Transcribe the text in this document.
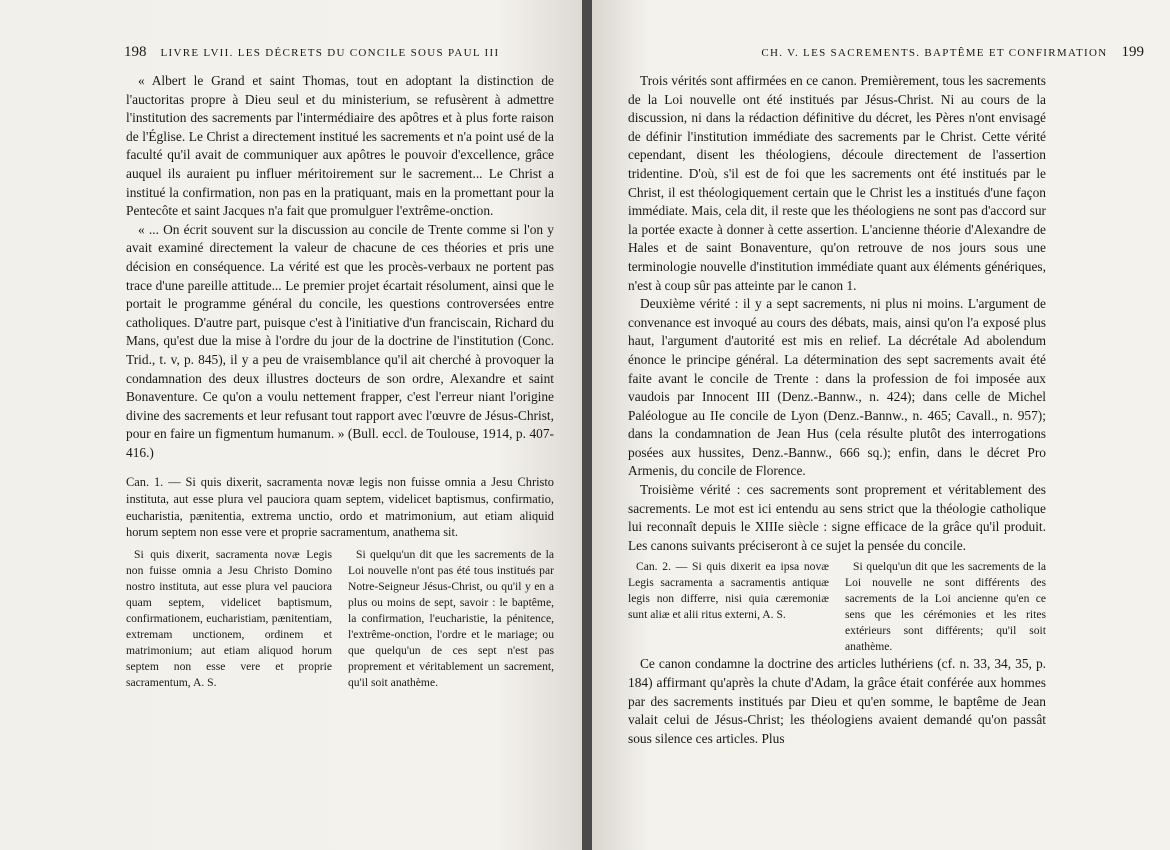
198 LIVRE LVII. LES DÉCRETS DU CONCILE SOUS PAUL III

« Albert le Grand et saint Thomas, tout en adoptant la distinction de l'auctoritas propre à Dieu seul et du ministerium, se refusèrent à admettre l'institution des sacrements par l'intermédiaire des apôtres et à plus forte raison de l'Église. Le Christ a directement institué les sacrements et n'a point usé de la faculté qu'il avait de communiquer aux apôtres le pouvoir d'excellence, grâce auquel ils auraient pu influer méritoirement sur le sacrement... Le Christ a institué la confirmation, non pas en la pratiquant, mais en la promettant pour la Pentecôte et saint Jacques n'a fait que promulguer l'extrême-onction.

« ... On écrit souvent sur la discussion au concile de Trente comme si l'on y avait examiné directement la valeur de chacune de ces théories et pris une décision en conséquence. La vérité est que les procès-verbaux ne portent pas trace d'une pareille attitude... Le premier projet écartait résolument, ainsi que le portait le programme général du concile, les questions controversées entre catholiques. D'autre part, puisque c'est à l'initiative d'un franciscain, Richard du Mans, qu'est due la mise à l'ordre du jour de la doctrine de l'institution (Conc. Trid., t. v, p. 845), il y a peu de vraisemblance qu'il ait cherché à provoquer la condamnation des deux illustres docteurs de son ordre, Alexandre et saint Bonaventure. Ce qu'on a voulu nettement frapper, c'est l'erreur niant l'origine divine des sacrements et leur refusant tout rapport avec l'œuvre de Jésus-Christ, pour en faire un figmentum humanum. » (Bull. eccl. de Toulouse, 1914, p. 407-416.)

Can. 1. — Si quis dixerit, sacramenta novæ legis non fuisse omnia a Jesu Christo instituta, aut esse plura vel pauciora quam septem, videlicet baptismus, confirmatio, eucharistia, pænitentia, extrema unctio, ordo et matrimonium, aut etiam aliquid horum septem non esse vere et proprie sacramentum, anathema sit.

Si quis dixerit, sacramenta novæ Legis non fuisse omnia a Jesu Christo Domino nostro instituta, aut esse plura vel pauciora quam septem, videlicet baptismum, confirmationem, eucharistiam, pænitentiam, extremam unctionem, ordinem et matrimonium; aut etiam aliquod horum septem non esse vere et proprie sacramentum, A. S.

Si quelqu'un dit que les sacrements de la Loi nouvelle n'ont pas été tous institués par Notre-Seigneur Jésus-Christ, ou qu'il y en a plus ou moins de sept, savoir : le baptême, la confirmation, l'eucharistie, la pénitence, l'extrême-onction, l'ordre et le mariage; ou que quelqu'un de ces sept n'est pas proprement et véritablement un sacrement, qu'il soit anathème.

CH. V. LES SACREMENTS. BAPTÊME ET CONFIRMATION 199

Trois vérités sont affirmées en ce canon. Premièrement, tous les sacrements de la Loi nouvelle ont été institués par Jésus-Christ. Ni au cours de la discussion, ni dans la rédaction définitive du décret, les Pères n'ont envisagé de définir l'institution immédiate des sacrements par le Christ. Cette vérité cependant, disent les théologiens, découle directement de l'assertion tridentine. D'où, s'il est de foi que les sacrements ont été institués par le Christ, il est théologiquement certain que le Christ les a institués d'une façon immédiate. Mais, cela dit, il reste que les théologiens ne sont pas d'accord sur la portée exacte à donner à cette assertion. L'ancienne théorie d'Alexandre de Hales et de saint Bonaventure, qu'on retrouve de nos jours sous une terminologie nouvelle d'institution immédiate quant aux éléments génériques, n'est à coup sûr pas atteinte par le canon 1.

Deuxième vérité : il y a sept sacrements, ni plus ni moins. L'argument de convenance est invoqué au cours des débats, mais, ainsi qu'on l'a exposé plus haut, l'argument d'autorité est mis en relief. La décrétale Ad abolendum énonce le principe général. La détermination des sept sacrements avait été faite avant le concile de Trente : dans la profession de foi imposée aux vaudois par Innocent III (Denz.-Bannw., n. 424); dans celle de Michel Paléologue au IIe concile de Lyon (Denz.-Bannw., n. 465; Cavall., n. 957); dans la condamnation de Jean Hus (cela résulte plutôt des interrogations posées aux hussites, Denz.-Bannw., 666 sq.); enfin, dans le décret Pro Armenis, du concile de Florence.

Troisième vérité : ces sacrements sont proprement et véritablement des sacrements. Le mot est ici entendu au sens strict que la théologie catholique lui reconnaît depuis le XIIIe siècle : signe efficace de la grâce qu'il produit. Les canons suivants préciseront à ce sujet la pensée du concile.

Can. 2. — Si quis dixerit ea ipsa novæ Legis sacramenta a sacramentis antiquæ legis non differre, nisi quia cæremoniæ sunt aliæ et alii ritus externi, A. S.

Si quelqu'un dit que les sacrements de la Loi nouvelle ne sont différents des sacrements de la Loi ancienne qu'en ce sens que les cérémonies et les rites extérieurs sont différents; qu'il soit anathème.

Ce canon condamne la doctrine des articles luthériens (cf. n. 33, 34, 35, p. 184) affirmant qu'après la chute d'Adam, la grâce était conférée aux hommes par des sacrements institués par Dieu et qu'en somme, le baptême de Jean valait celui de Jésus-Christ; les théologiens avaient demandé qu'on passât sous silence ces articles. Plus
